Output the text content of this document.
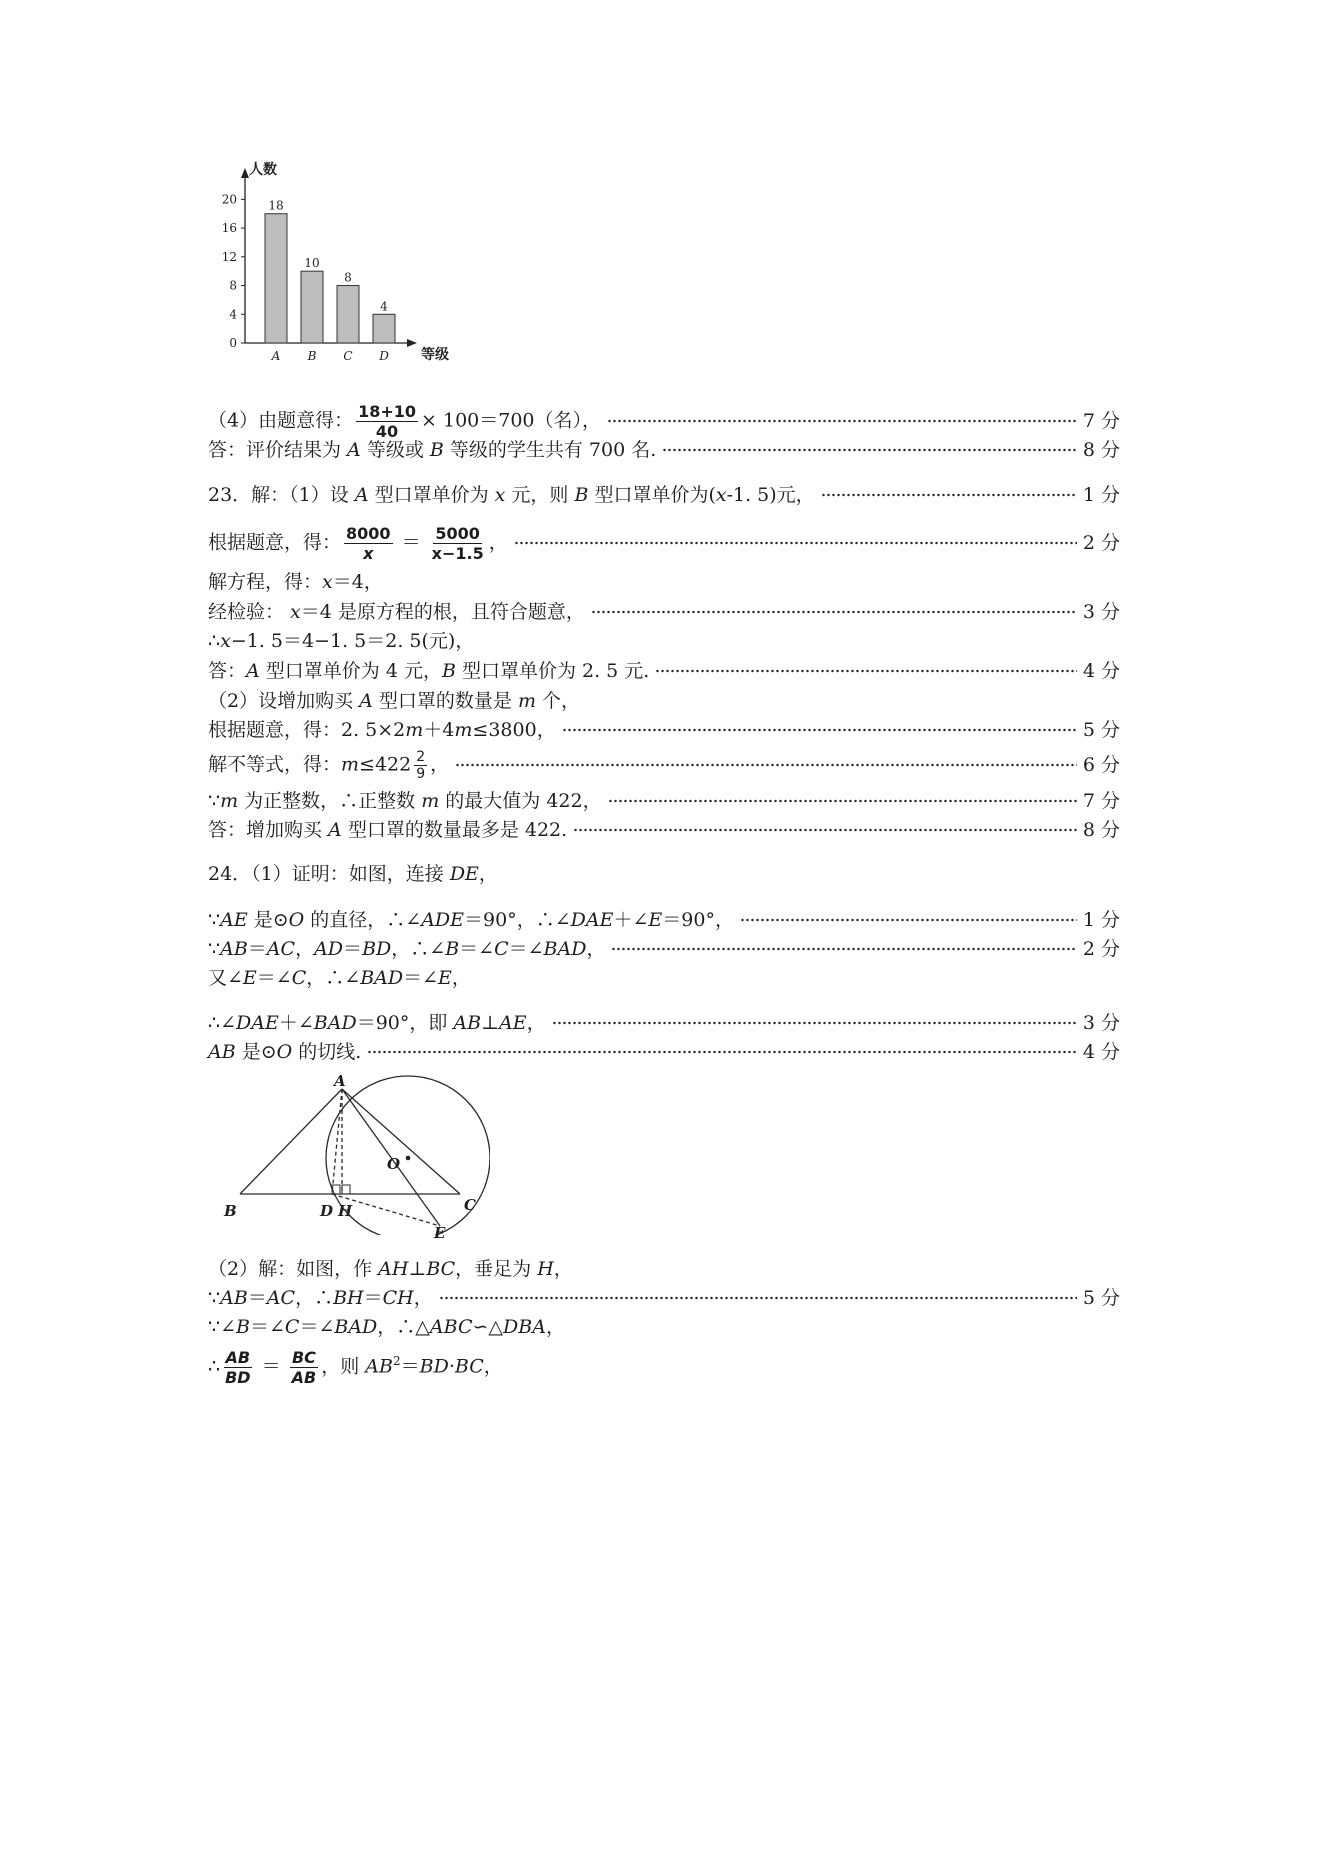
人数
等级
0
4
8
12
16
20	18
A
10
B
8
C
4
D
（4）由题意得： $\frac{18+10}{40} \times 100=700$（名），	7 分
答：评价结果为 A 等级或 B 等级的学生共有 700 名.	8 分
23．解：（1）设 A 型口罩单价为 x 元，则 B 型口罩单价为(x-1. 5)元，	1 分
根据题意，得： $\frac{8000}{x} = \frac{5000}{x-1.5}$ ，	2 分
解方程，得：x＝4，
经检验： x＝4 是原方程的根，且符合题意，	3 分
∴x−1. 5＝4−1. 5＝2. 5(元)，
答：A 型口罩单价为 4 元，B 型口罩单价为 2. 5 元.	4 分
（2）设增加购买 A 型口罩的数量是 m 个，
根据题意，得：2. 5×2m＋4m≤3800，	5 分
解不等式，得：$m\le 422 \frac{2}{9}$ ，	6 分
∵m 为正整数，∴正整数 m 的最大值为 422，	7 分
答：增加购买 A 型口罩的数量最多是 422.	8 分
24．（1）证明：如图，连接 DE，
∵AE 是⊙O 的直径，∴∠ADE＝90°，∴∠DAE＋∠E＝90°，	1 分
∵AB＝AC，AD＝BD，∴∠B＝∠C＝∠BAD，	2 分
又∠E＝∠C，∴∠BAD＝∠E，
∴∠DAE＋∠BAD＝90°，即 AB⊥AE，	3 分
AB 是⊙O 的切线.	4 分
A
B	C
D H
O
E
（2）解：如图，作 AH⊥BC，垂足为 H，
∵AB＝AC，∴BH＝CH，	5 分
∵∠B＝∠C＝∠BAD，∴△ABC∽△DBA，
∴ $\frac{AB}{BD} = \frac{BC}{AB}$ ，则 $AB^2=BD\cdot BC$，
